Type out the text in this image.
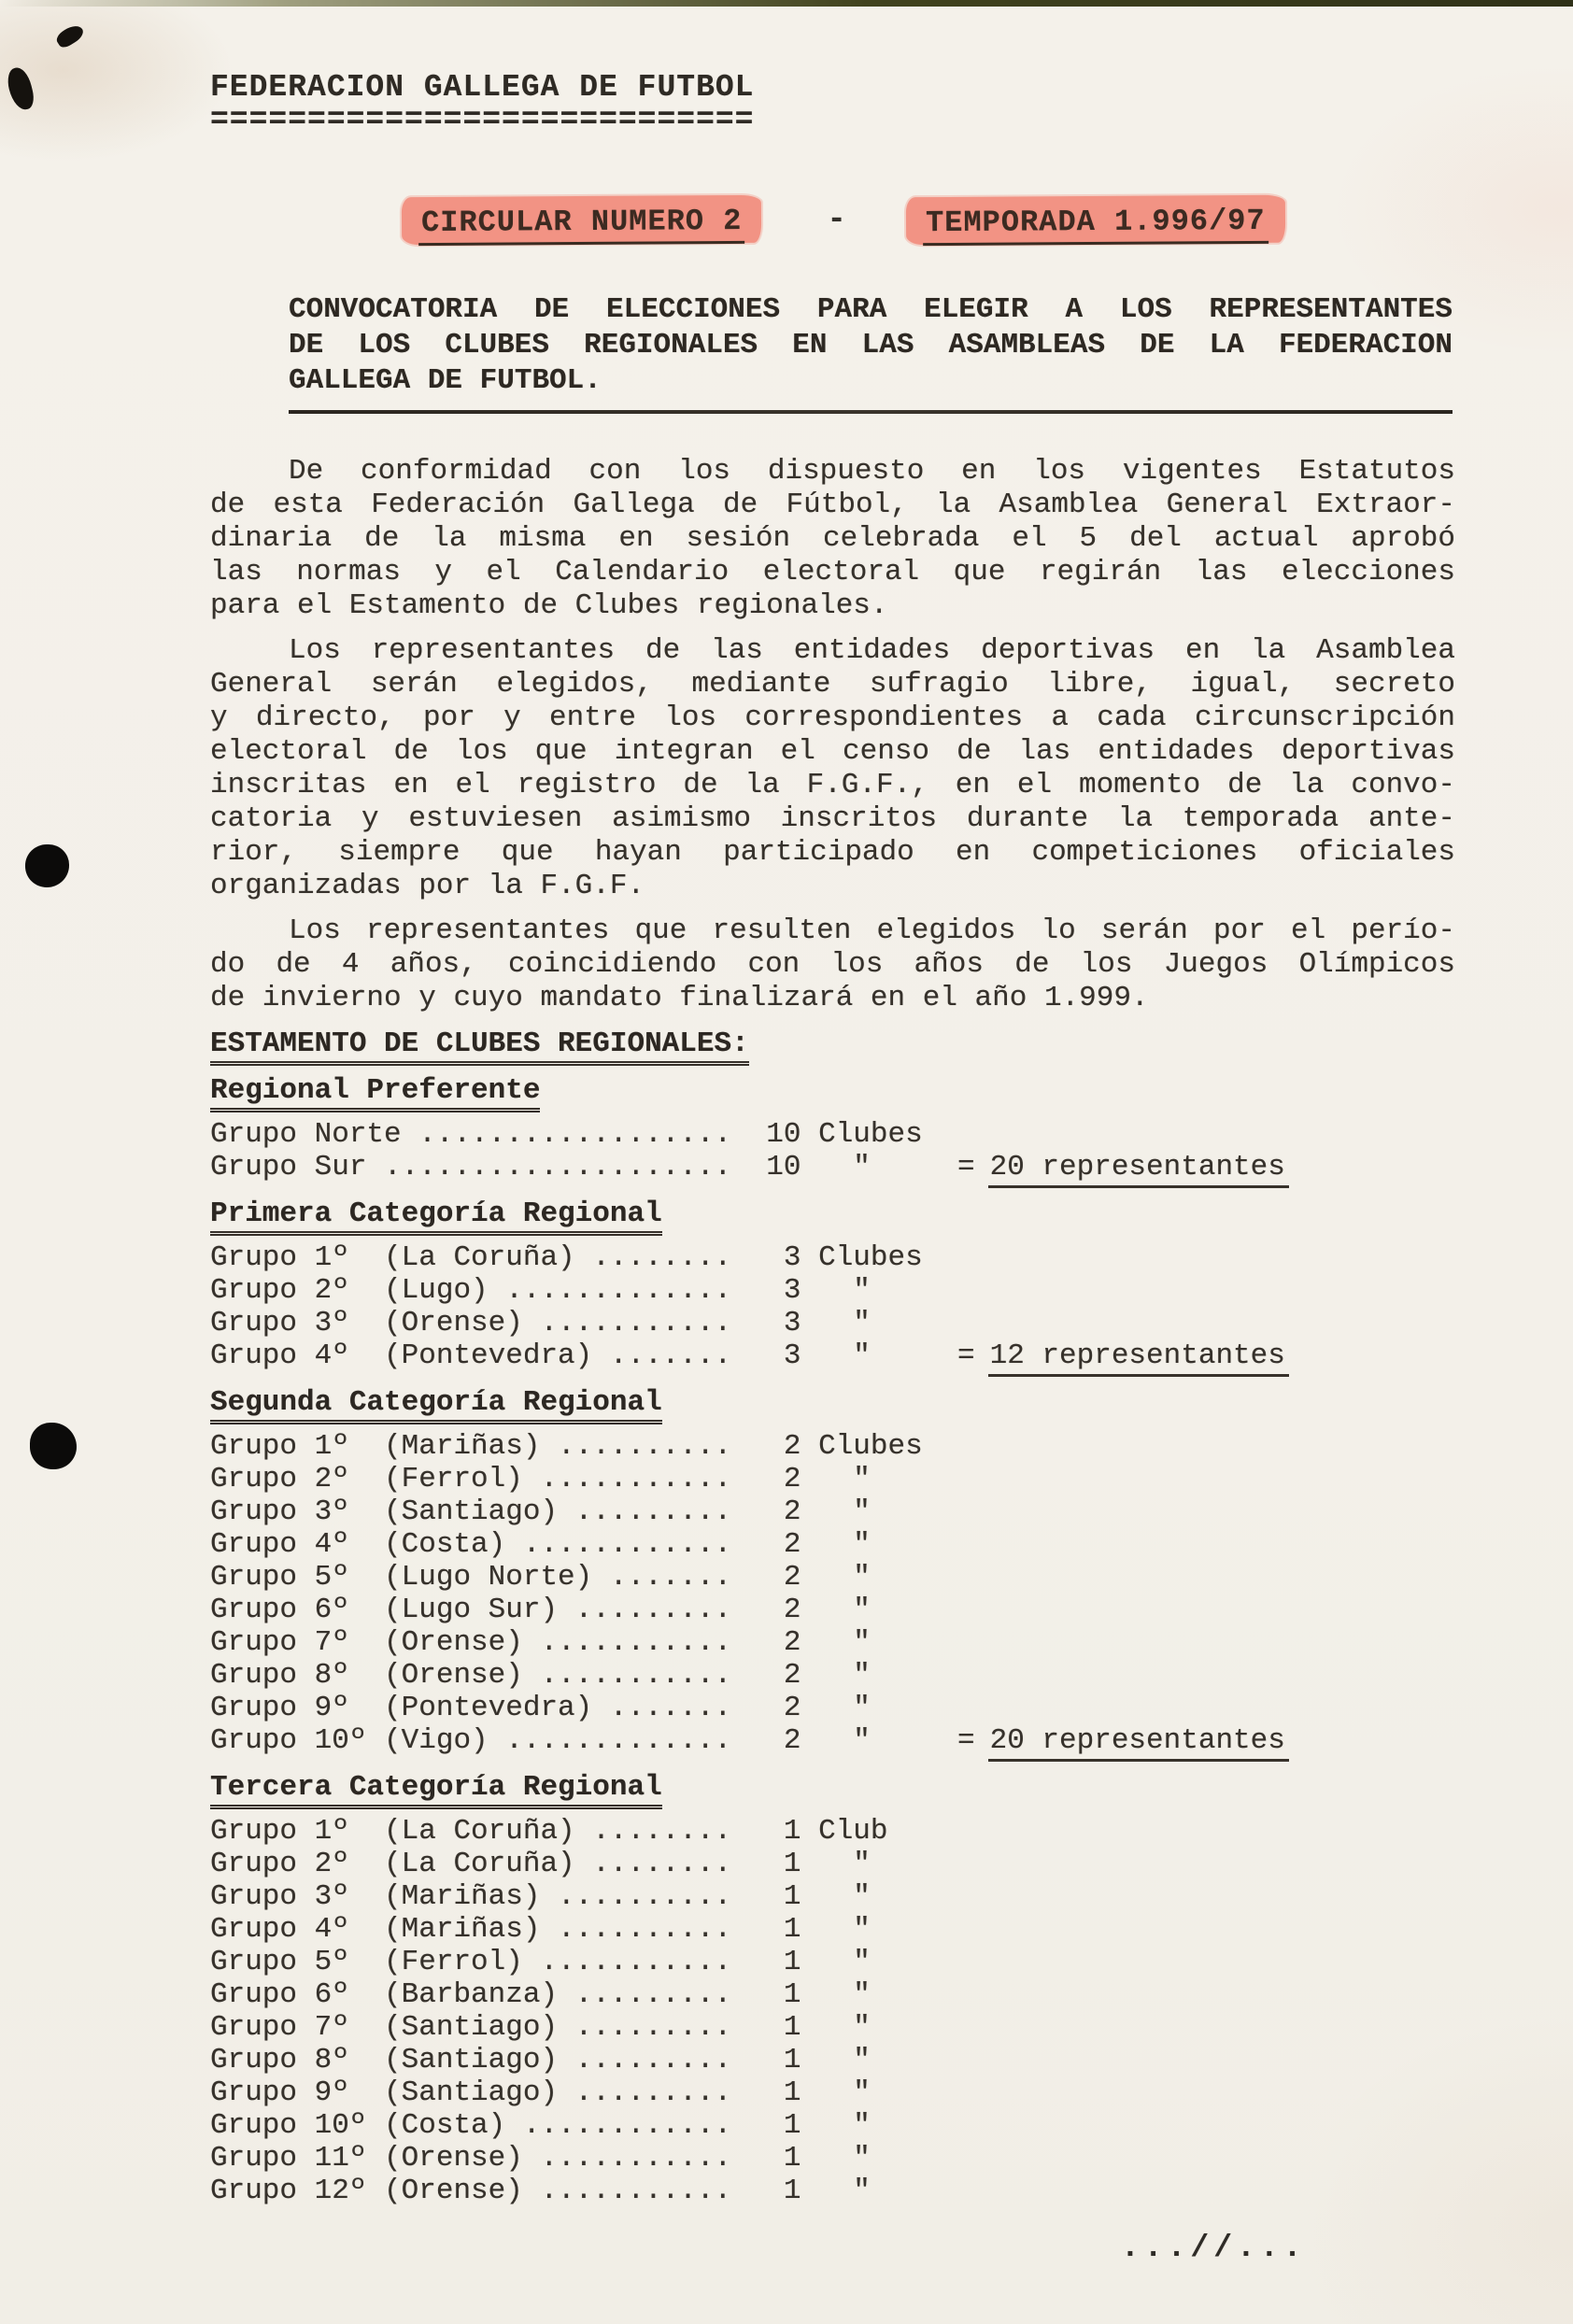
FEDERACION GALLEGA DE FUTBOL
============================
CIRCULAR NUMERO 2	-	TEMPORADA 1.996/97
CONVOCATORIA DE ELECCIONES PARA ELEGIR A LOS REPRESENTANTES
DE LOS CLUBES REGIONALES EN LAS ASAMBLEAS DE LA FEDERACION
GALLEGA DE FUTBOL.
De conformidad con los dispuesto en los vigentes Estatutos
de esta Federación Gallega de Fútbol, la Asamblea General Extraor-
dinaria de la misma en sesión celebrada el 5 del actual aprobó
las normas y el Calendario electoral que regirán las elecciones
para el Estamento de Clubes regionales.
Los representantes de las entidades deportivas en la Asamblea
General serán elegidos, mediante sufragio libre, igual, secreto
y directo, por y entre los correspondientes a cada circunscripción
electoral de los que integran el censo de las entidades deportivas
inscritas en el registro de la F.G.F., en el momento de la convo-
catoria y estuviesen asimismo inscritos durante la temporada ante-
rior, siempre que hayan participado en competiciones oficiales
organizadas por la F.G.F.
Los representantes que resulten elegidos lo serán por el perío-
do de 4 años, coincidiendo con los años de los Juegos Olímpicos
de invierno y cuyo mandato finalizará en el año 1.999.
ESTAMENTO DE CLUBES REGIONALES:
Regional Preferente
Grupo Norte ..................  10 Clubes
Grupo Sur ....................  10   "	= 20 representantes
Primera Categoría Regional
Grupo 1º  (La Coruña) ........   3 Clubes
Grupo 2º  (Lugo) .............   3   "
Grupo 3º  (Orense) ...........   3   "
Grupo 4º  (Pontevedra) .......   3   "	= 12 representantes
Segunda Categoría Regional
Grupo 1º  (Mariñas) ..........   2 Clubes
Grupo 2º  (Ferrol) ...........   2   "
Grupo 3º  (Santiago) .........   2   "
Grupo 4º  (Costa) ............   2   "
Grupo 5º  (Lugo Norte) .......   2   "
Grupo 6º  (Lugo Sur) .........   2   "
Grupo 7º  (Orense) ...........   2   "
Grupo 8º  (Orense) ...........   2   "
Grupo 9º  (Pontevedra) .......   2   "
Grupo 10º (Vigo) .............   2   "	= 20 representantes
Tercera Categoría Regional
Grupo 1º  (La Coruña) ........   1 Club
Grupo 2º  (La Coruña) ........   1   "
Grupo 3º  (Mariñas) ..........   1   "
Grupo 4º  (Mariñas) ..........   1   "
Grupo 5º  (Ferrol) ...........   1   "
Grupo 6º  (Barbanza) .........   1   "
Grupo 7º  (Santiago) .........   1   "
Grupo 8º  (Santiago) .........   1   "
Grupo 9º  (Santiago) .........   1   "
Grupo 10º (Costa) ............   1   "
Grupo 11º (Orense) ...........   1   "
Grupo 12º (Orense) ...........   1   "
...//...
